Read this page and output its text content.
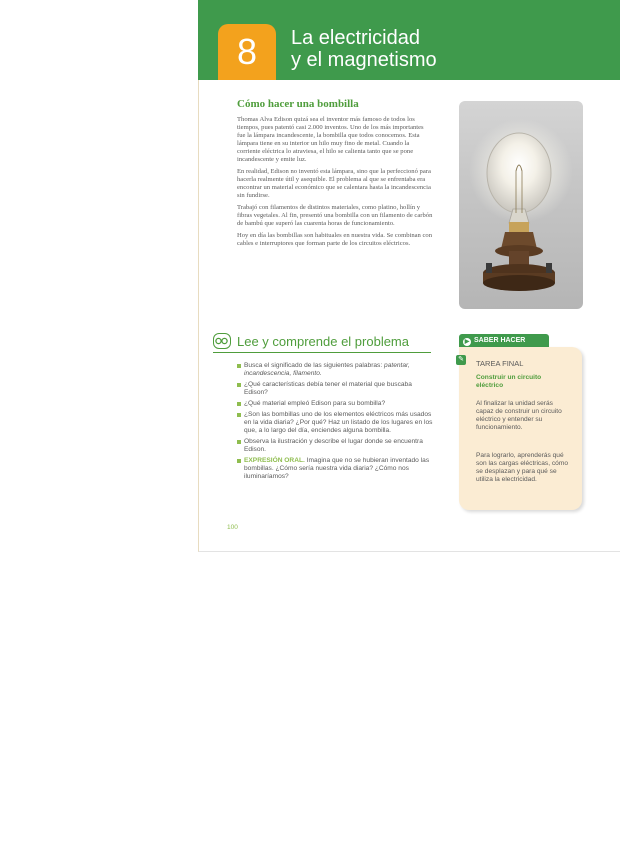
8	La electricidad
y el magnetismo
Cómo hacer una bombilla

Thomas Alva Edison quizá sea el inventor más famoso de todos los tiempos, pues patentó casi 2.000 inventos. Uno de los más importantes fue la lámpara incandescente, la bombilla que todos conocemos. Esta lámpara tiene en su interior un hilo muy fino de metal. Cuando la corriente eléctrica lo atraviesa, el hilo se calienta tanto que se pone incandescente y emite luz.

En realidad, Edison no inventó esta lámpara, sino que la perfeccionó para hacerla realmente útil y asequible. El problema al que se enfrentaba era encontrar un material económico que se calentara hasta la incandescencia sin fundirse.

Trabajó con filamentos de distintos materiales, como platino, hollín y fibras vegetales. Al fin, presentó una bombilla con un filamento de carbón de bambú que superó las cuarenta horas de funcionamiento.

Hoy en día las bombillas son habituales en nuestra vida. Se combinan con cables e interruptores que forman parte de los circuitos eléctricos.

Lee y comprende el problema
Busca el significado de las siguientes palabras: patentar, incandescencia, filamento.
¿Qué características debía tener el material que buscaba Edison?
¿Qué material empleó Edison para su bombilla?
¿Son las bombillas uno de los elementos eléctricos más usados en la vida diaria? ¿Por qué? Haz un listado de los lugares en los que, a lo largo del día, enciendes alguna bombilla.
Observa la ilustración y describe el lugar donde se encuentra Edison.
EXPRESIÓN ORAL. Imagina que no se hubieran inventado las bombillas. ¿Cómo sería nuestra vida diaria? ¿Cómo nos iluminaríamos?
100
▶ SABER HACER
✎ TAREA FINAL
Construir un circuito eléctrico
Al finalizar la unidad serás capaz de construir un circuito eléctrico y entender su funcionamiento.
Para lograrlo, aprenderás qué son las cargas eléctricas, cómo se desplazan y para qué se utiliza la electricidad.
